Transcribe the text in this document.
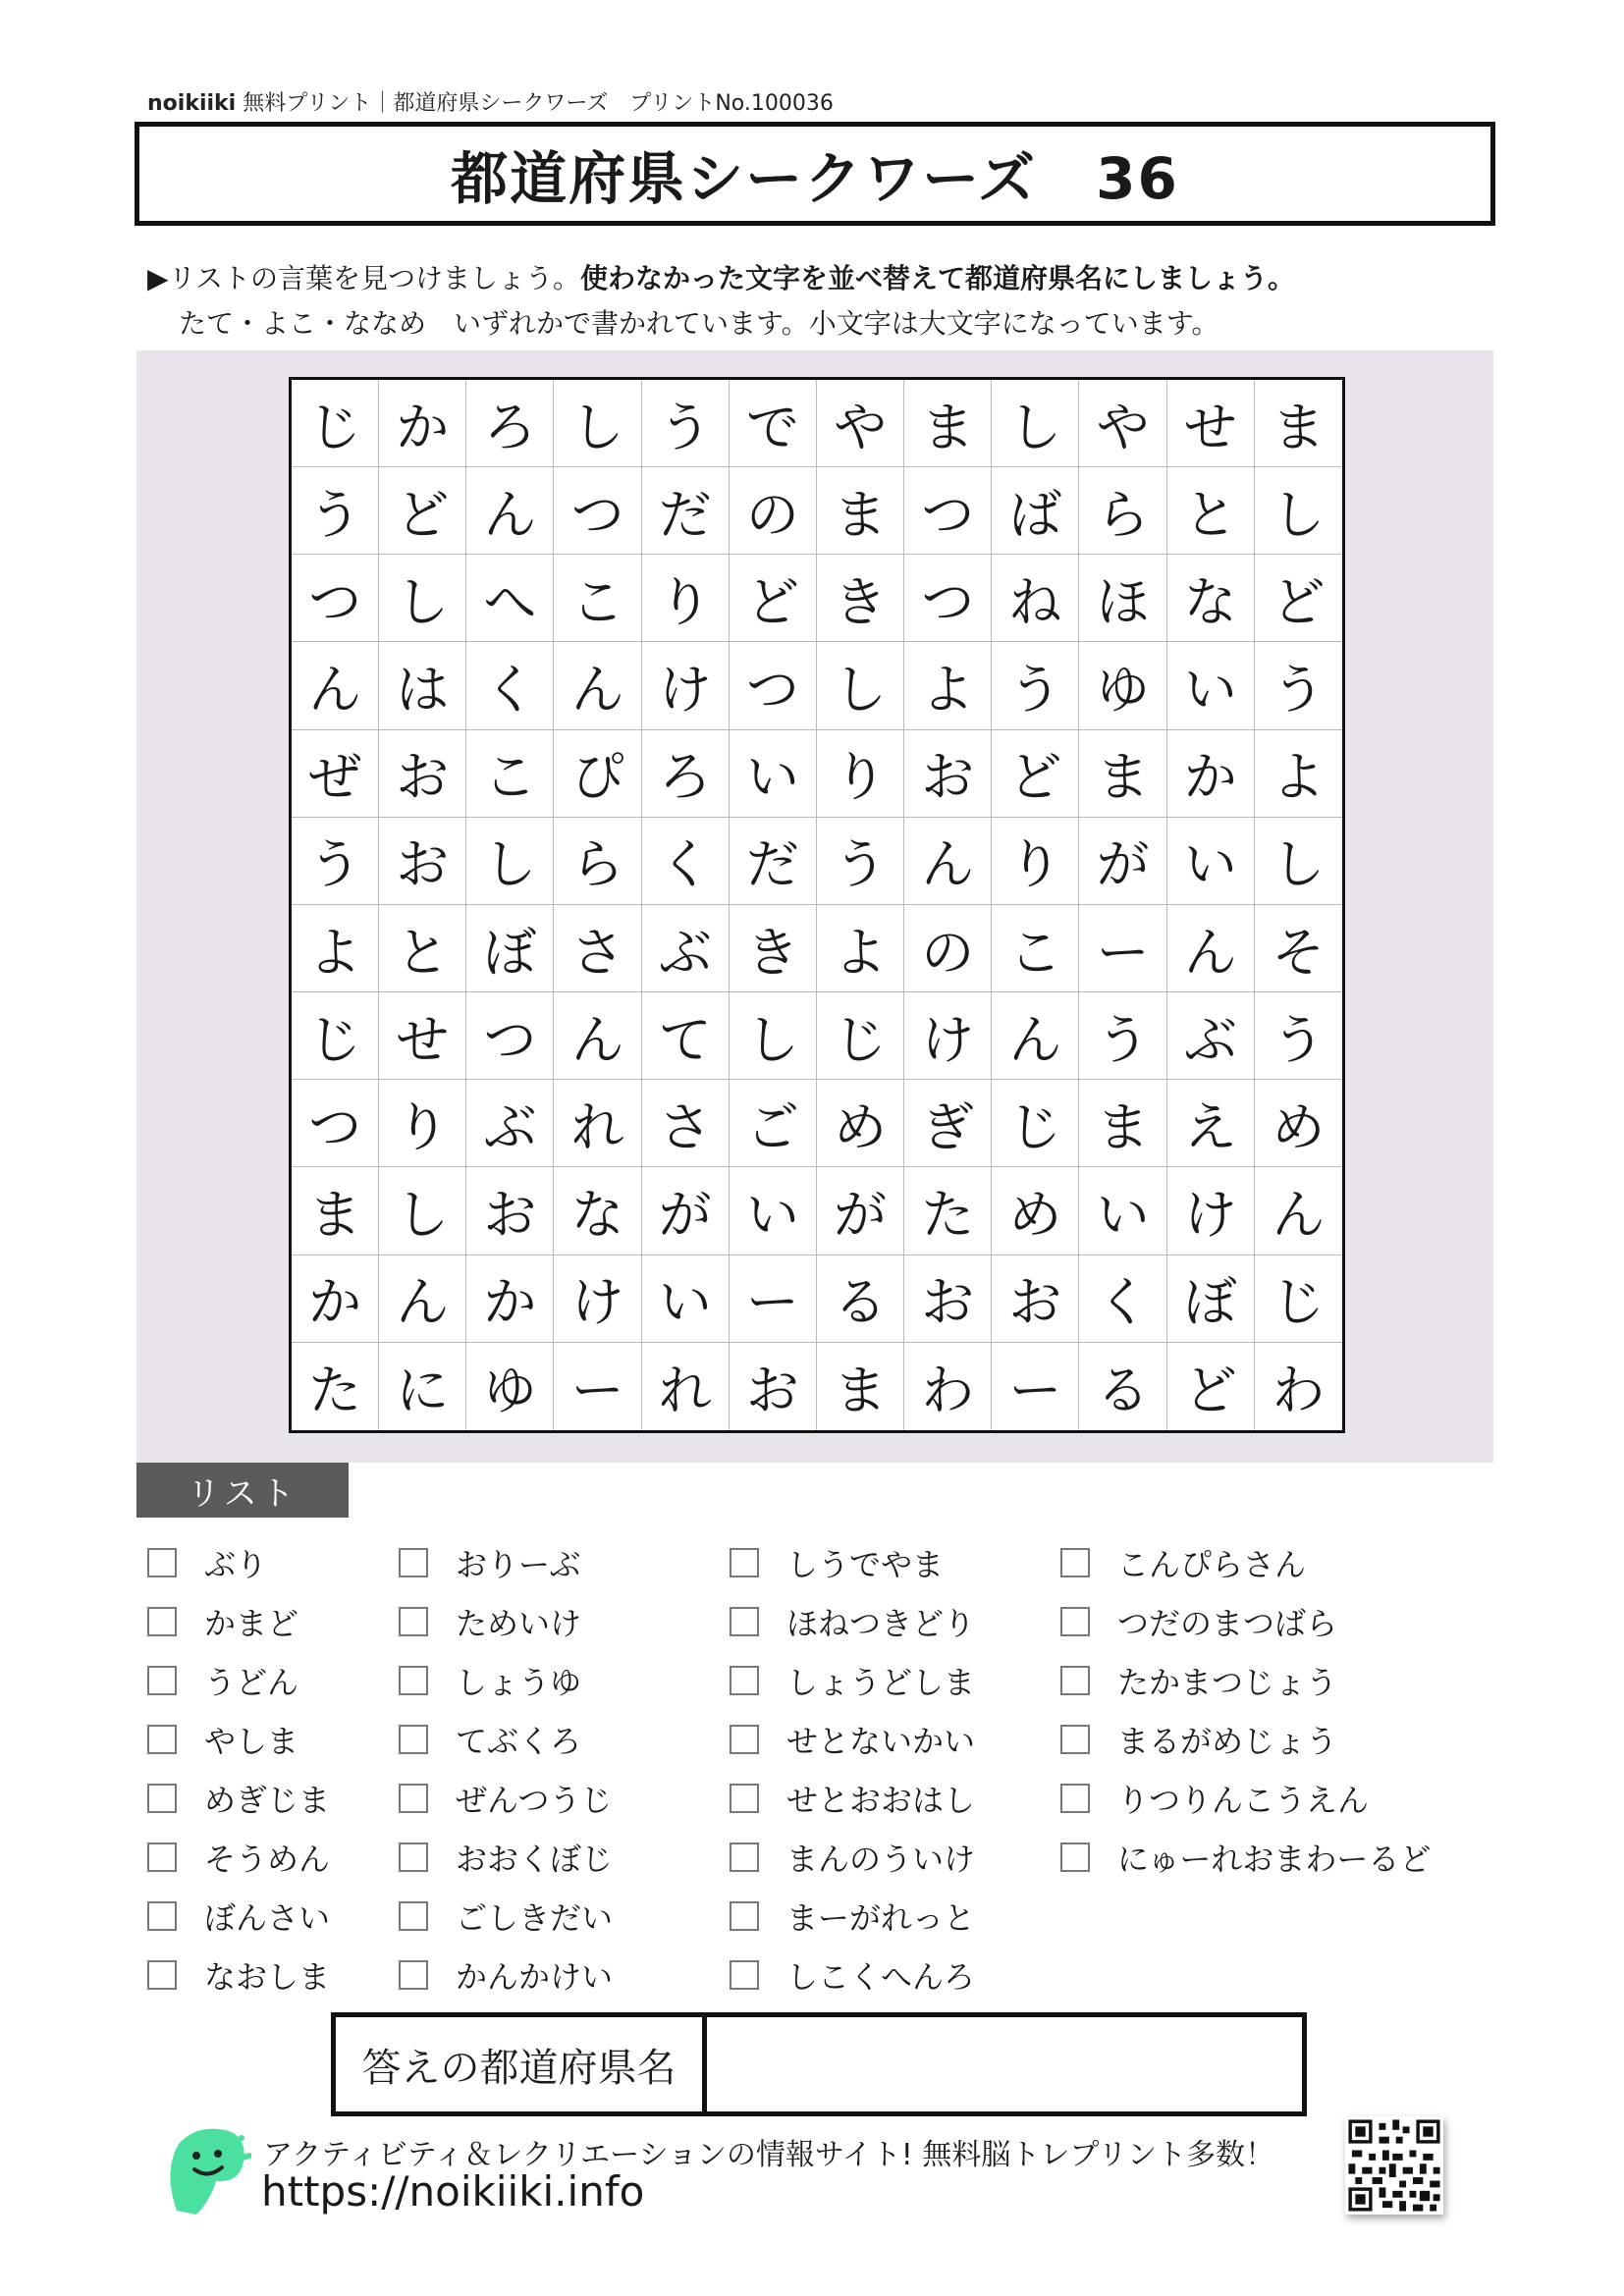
noikiiki 無料プリント｜都道府県シークワーズ　プリントNo.100036
都道府県シークワーズ　36
▶リストの言葉を見つけましょう。使わなかった文字を並べ替えて都道府県名にしましょう。
たて・よこ・ななめ　いずれかで書かれています。小文字は大文字になっています。
じ か ろ し う で や ま し や せ ま
う ど ん つ だ の ま つ ば ら と し
つ し へ こ り ど き つ ね ほ な ど
ん は く ん け つ し よ う ゆ い う
ぜ お こ ぴ ろ い り お ど ま か よ
う お し ら く だ う ん り が い し
よ と ぼ さ ぶ き よ の こ ー ん そ
じ せ つ ん て し じ け ん う ぶ う
つ り ぶ れ さ ご め ぎ じ ま え め
ま し お な が い が た め い け ん
か ん か け い ー る お お く ぼ じ
た に ゆ ー れ お ま わ ー る ど わ
リスト
ぶり
かまど
うどん
やしま
めぎじま
そうめん
ぼんさい
なおしま
おりーぶ
ためいけ
しょうゆ
てぶくろ
ぜんつうじ
おおくぼじ
ごしきだい
かんかけい
しうでやま
ほねつきどり
しょうどしま
せとないかい
せとおおはし
まんのういけ
まーがれっと
しこくへんろ
こんぴらさん
つだのまつばら
たかまつじょう
まるがめじょう
りつりんこうえん
にゅーれおまわーるど
答えの都道府県名
アクティビティ＆レクリエーションの情報サイト! 無料脳トレプリント多数！
https://noikiiki.info
